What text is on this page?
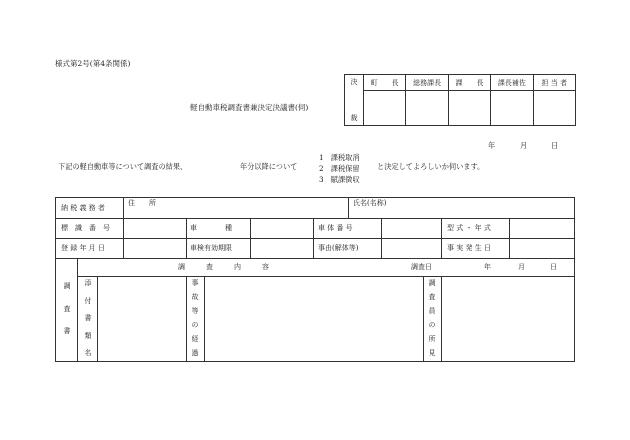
様式第2号(第4条関係)
軽自動車税調査書兼決定決議書(伺)
決
裁	町　　長	総務課長	課　　長	課長補佐	担 当 者

年	月	日
下記の軽自動車等について調査の結果、	年分以降について
1　課税取消
2　課税保留
3　賦課徴収
と決定してよろしいか伺います。
納 税 義 務 者
住　　所	氏名(名称)
標　識　番　号	車　　　　種	車 体 番 号	型 式 ・ 年 式
登 録 年 月 日	車検有効期限	事由(解体等)	事 実 発 生 日
調　　　査　　　内　　　容	調査日	年	月	日
調
査
書
添
付
書
類
名
事
故
等
の
経
過
調
査
員
の
所
見
